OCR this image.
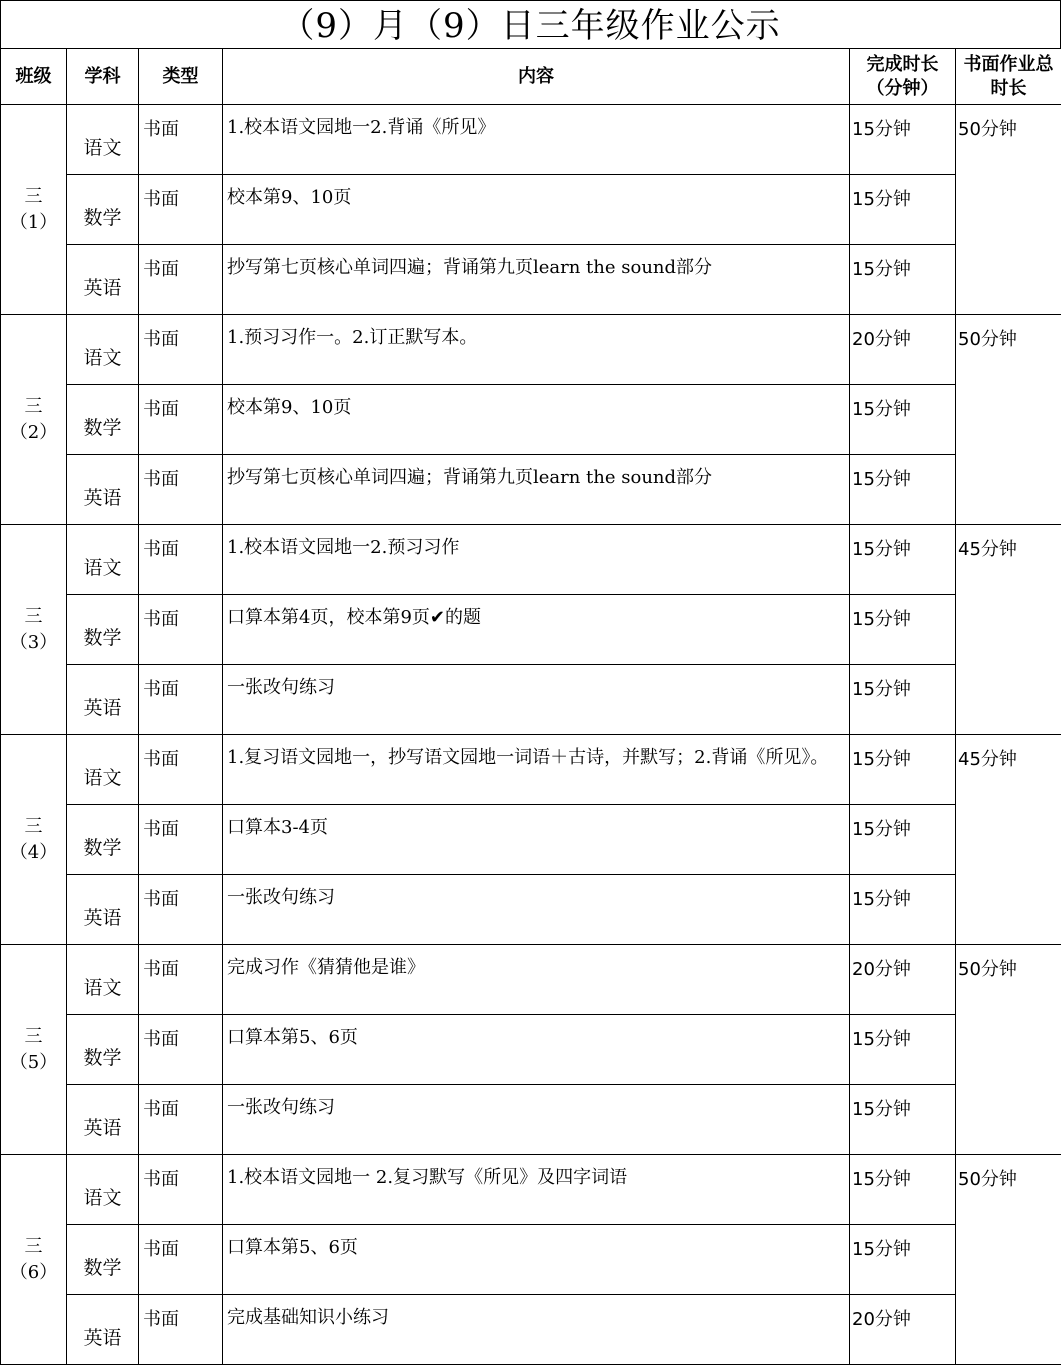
（9）月（9）日三年级作业公示
班级	学科	类型	内容	完成时长（分钟）	书面作业总时长
三
（1）	语文	书面	1.校本语文园地一2.背诵《所见》	15分钟	50分钟
	数学	书面	校本第9、10页	15分钟	
	英语	书面	抄写第七页核心单词四遍；背诵第九页learn the sound部分	15分钟	
三
（2）	语文	书面	1.预习习作一。2.订正默写本。	20分钟	50分钟
	数学	书面	校本第9、10页	15分钟	
	英语	书面	抄写第七页核心单词四遍；背诵第九页learn the sound部分	15分钟	
三
（3）	语文	书面	1.校本语文园地一2.预习习作	15分钟	45分钟
	数学	书面	口算本第4页，校本第9页✔的题	15分钟	
	英语	书面	一张改句练习	15分钟	
三
（4）	语文	书面	1.复习语文园地一，抄写语文园地一词语＋古诗，并默写；2.背诵《所见》。	15分钟	45分钟
	数学	书面	口算本3-4页	15分钟	
	英语	书面	一张改句练习	15分钟	
三
（5）	语文	书面	完成习作《猜猜他是谁》	20分钟	50分钟
	数学	书面	口算本第5、6页	15分钟	
	英语	书面	一张改句练习	15分钟	
三
（6）	语文	书面	1.校本语文园地一 2.复习默写《所见》及四字词语	15分钟	50分钟
	数学	书面	口算本第5、6页	15分钟	
	英语	书面	完成基础知识小练习	20分钟	
